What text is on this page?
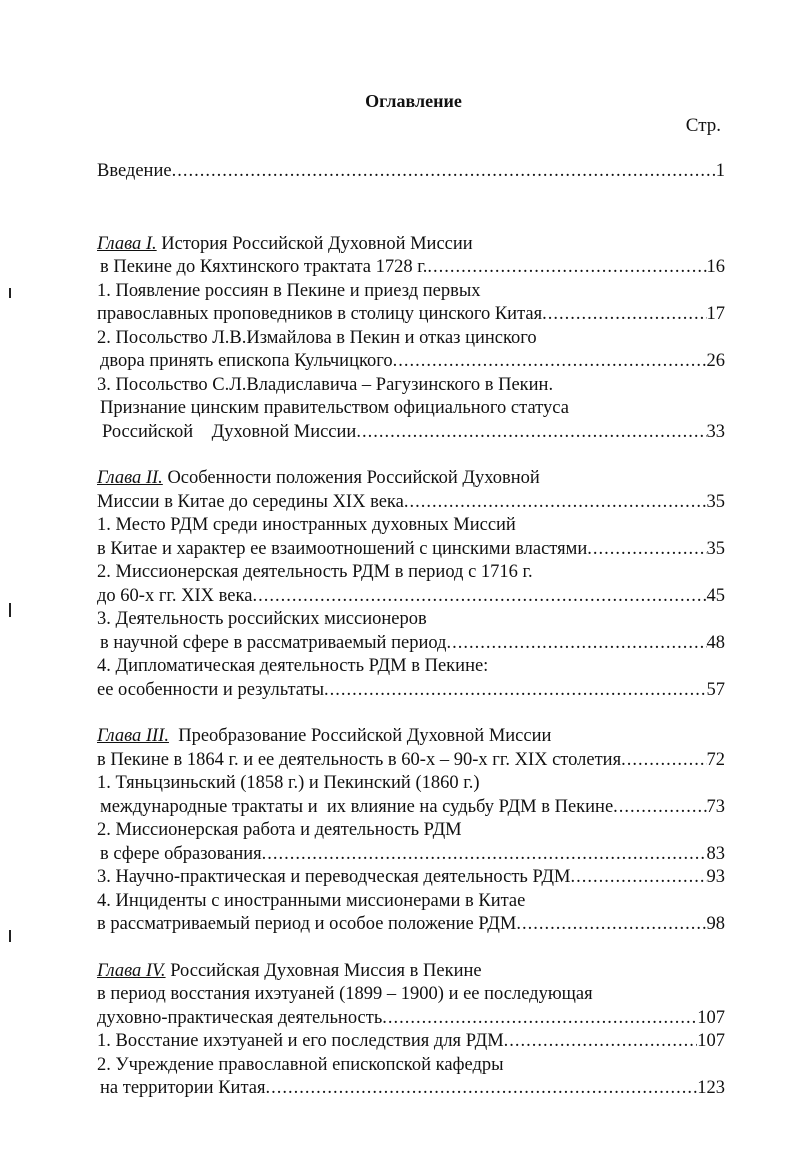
Оглавление
Стр.
Введение .....	1
Глава I. История Российской Духовной Миссии
в Пекине до Кяхтинского трактата 1728 г. .....	16
1. Появление россиян в Пекине и приезд первых
православных проповедников в столицу цинского Китая .....	17
2. Посольство Л.В.Измайлова в Пекин и отказ цинского
двора принять епископа Кульчицкого .....	26
3. Посольство С.Л.Владиславича – Рагузинского в Пекин.
Признание цинским правительством официального статуса
Российской    Духовной Миссии .....	33
Глава II. Особенности положения Российской Духовной
Миссии в Китае до середины XIX века .....	35
1. Место РДМ среди иностранных духовных Миссий
в Китае и характер ее взаимоотношений с цинскими властями .....	35
2. Миссионерская деятельность РДМ в период с 1716 г.
до 60-х гг. XIX века .....	45
3. Деятельность российских миссионеров
в научной сфере в рассматриваемый период .....	48
4. Дипломатическая деятельность РДМ в Пекине:
ее особенности и результаты .....	57
Глава III.  Преобразование Российской Духовной Миссии
в Пекине в 1864 г. и ее деятельность в 60-х – 90-х гг. XIX столетия .....	72
1. Тяньцзиньский (1858 г.) и Пекинский (1860 г.)
международные трактаты и  их влияние на судьбу РДМ в Пекине .....	73
2. Миссионерская работа и деятельность РДМ
в сфере образования .....	83
3. Научно-практическая и переводческая деятельность РДМ .....	93
4. Инциденты с иностранными миссионерами в Китае
в рассматриваемый период и особое положение РДМ .....	98
Глава IV. Российская Духовная Миссия в Пекине
в период восстания ихэтуаней (1899 – 1900) и ее последующая
духовно-практическая деятельность .....	107
1. Восстание ихэтуаней и его последствия для РДМ .....	107
2. Учреждение православной епископской кафедры
на территории Китая .....	123
